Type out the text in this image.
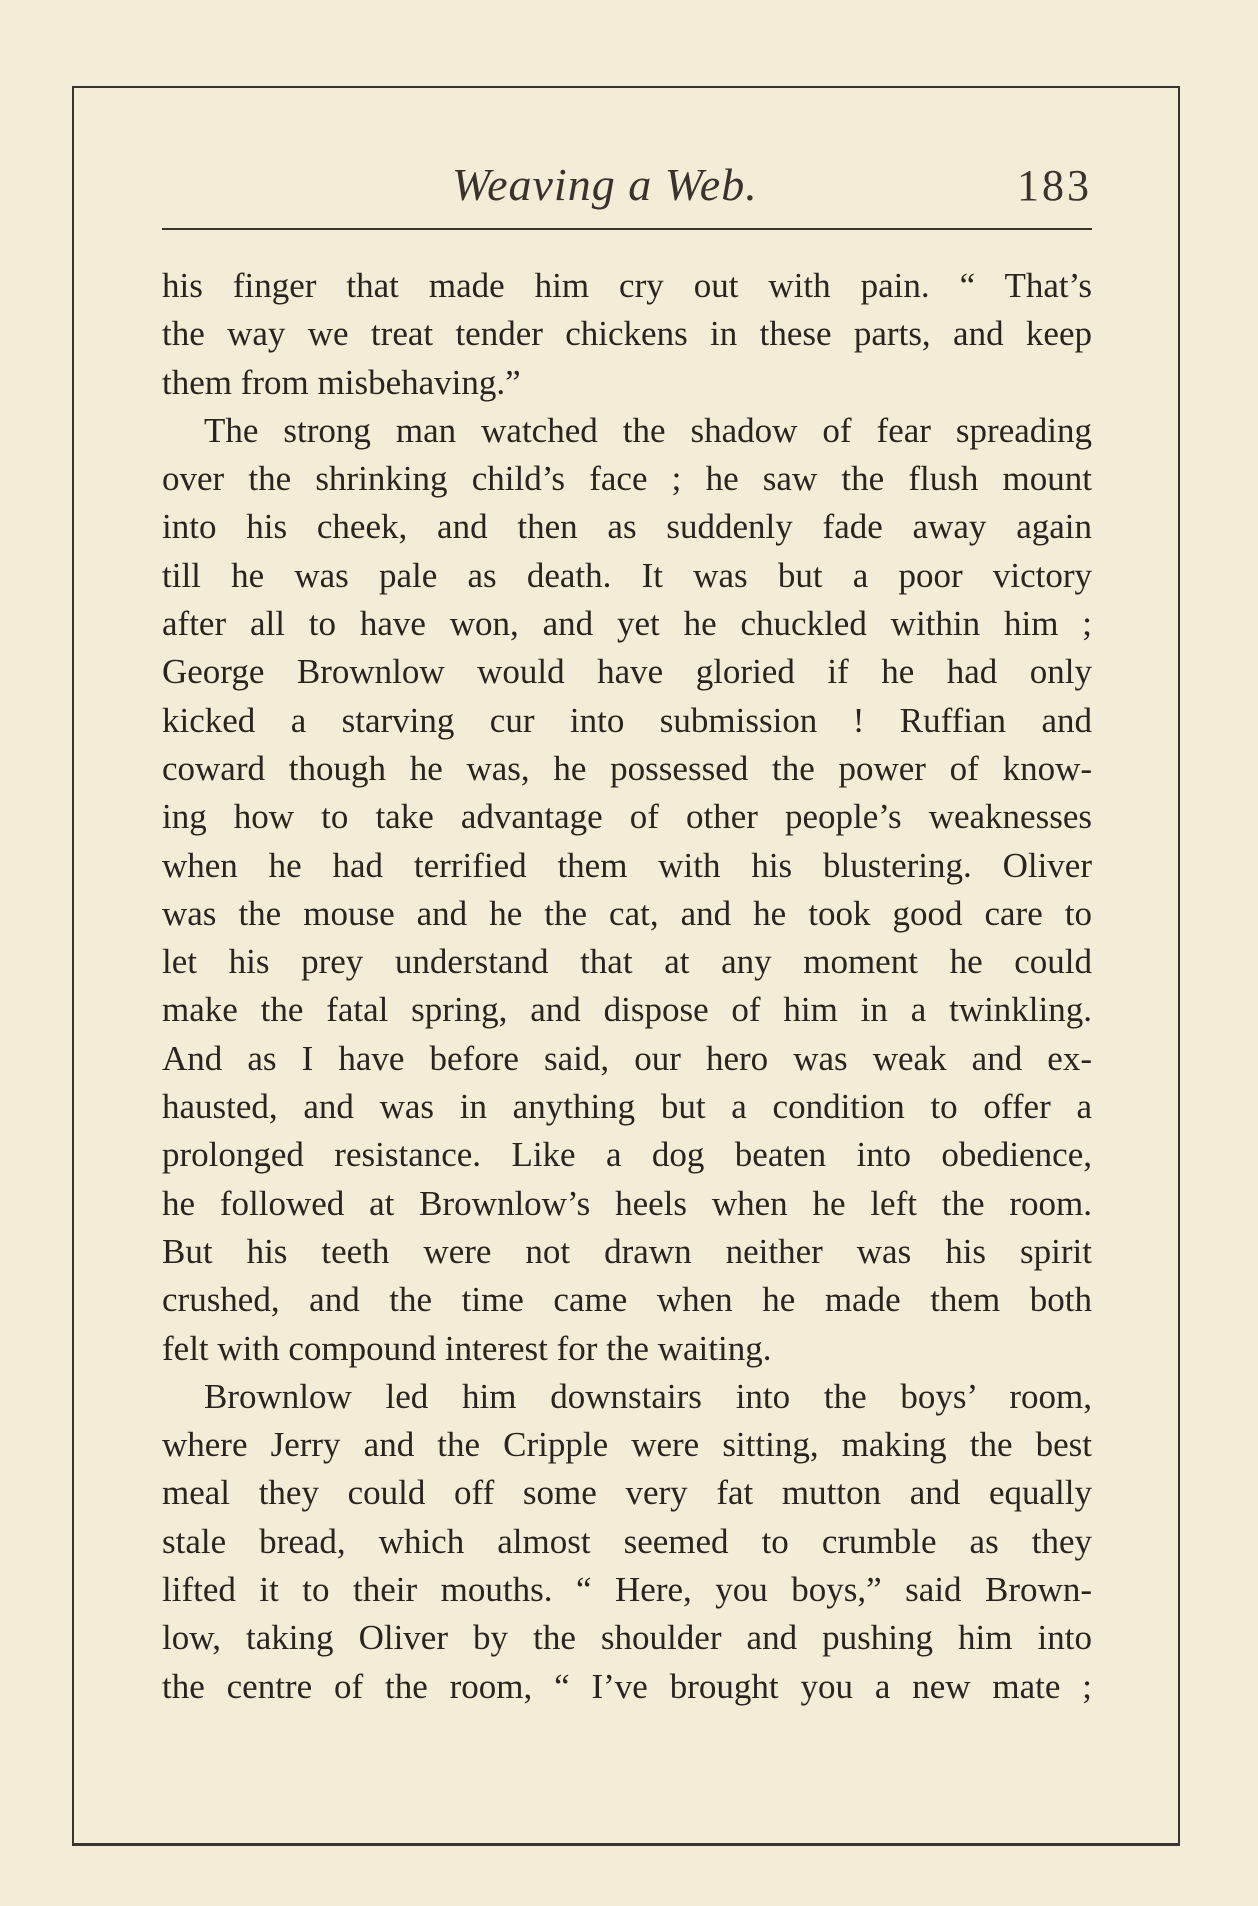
Weaving a Web.	183
his finger that made him cry out with pain. “ That’s
the way we treat tender chickens in these parts, and keep
them from misbehaving.”
The strong man watched the shadow of fear spreading
over the shrinking child’s face ; he saw the flush mount
into his cheek, and then as suddenly fade away again
till he was pale as death. It was but a poor victory
after all to have won, and yet he chuckled within him ;
George Brownlow would have gloried if he had only
kicked a starving cur into submission ! Ruffian and
coward though he was, he possessed the power of know-
ing how to take advantage of other people’s weaknesses
when he had terrified them with his blustering. Oliver
was the mouse and he the cat, and he took good care to
let his prey understand that at any moment he could
make the fatal spring, and dispose of him in a twinkling.
And as I have before said, our hero was weak and ex-
hausted, and was in anything but a condition to offer a
prolonged resistance. Like a dog beaten into obedience,
he followed at Brownlow’s heels when he left the room.
But his teeth were not drawn neither was his spirit
crushed, and the time came when he made them both
felt with compound interest for the waiting.
Brownlow led him downstairs into the boys’ room,
where Jerry and the Cripple were sitting, making the best
meal they could off some very fat mutton and equally
stale bread, which almost seemed to crumble as they
lifted it to their mouths. “ Here, you boys,” said Brown-
low, taking Oliver by the shoulder and pushing him into
the centre of the room, “ I’ve brought you a new mate ;
